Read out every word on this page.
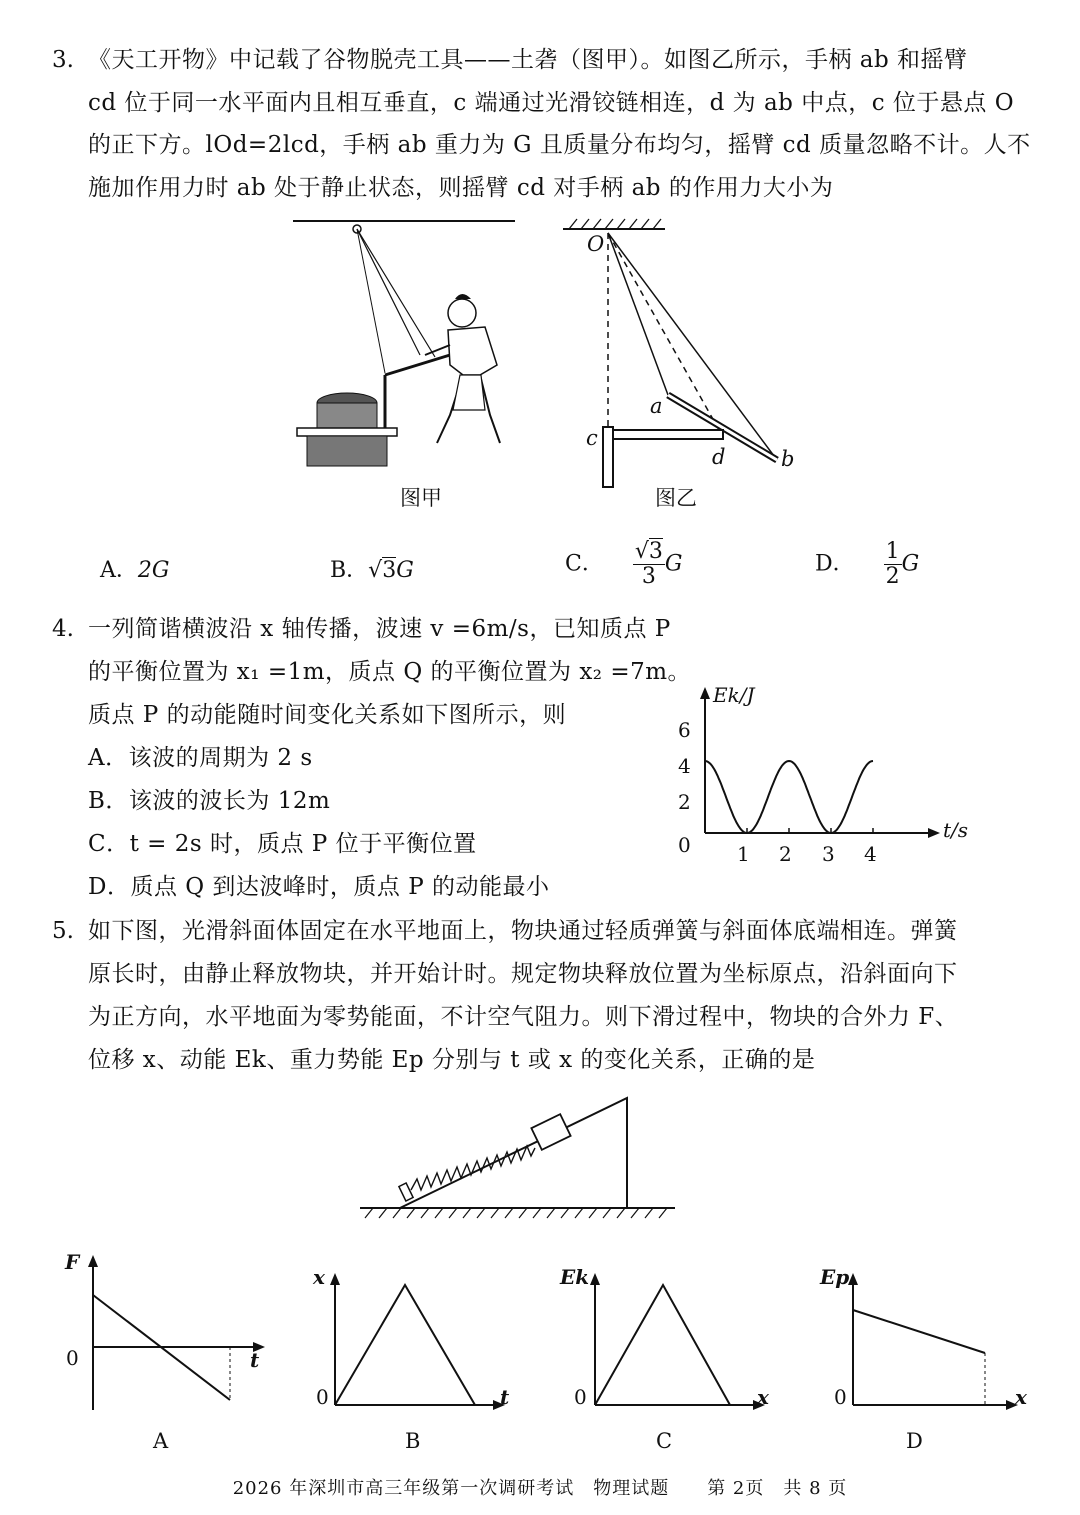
3. 《天工开物》中记载了谷物脱壳工具——土砻（图甲）。如图乙所示，手柄 ab 和摇臂
cd 位于同一水平面内且相互垂直，c 端通过光滑铰链相连，d 为 ab 中点，c 位于悬点 O
的正下方。lOd=2lcd，手柄 ab 重力为 G 且质量分布均匀，摇臂 cd 质量忽略不计。人不
施加作用力时 ab 处于静止状态，则摇臂 cd 对手柄 ab 的作用力大小为
图甲
O
a
c
d	b
图乙
A．2G	B．√3G	C． $\frac{√3}{3}$ G	D． $\frac{1}{2}$ G
4. 一列简谐横波沿 x 轴传播，波速 v =6m/s，已知质点 P
的平衡位置为 x₁ =1m，质点 Q 的平衡位置为 x₂ =7m。
质点 P 的动能随时间变化关系如下图所示，则
A．该波的周期为 2 s
B．该波的波长为 12m
C．t = 2s 时，质点 P 位于平衡位置
D．质点 Q 到达波峰时，质点 P 的动能最小
Ek/J
t/s
6
4
2
0 1 2 3 4
5. 如下图，光滑斜面体固定在水平地面上，物块通过轻质弹簧与斜面体底端相连。弹簧
原长时，由静止释放物块，并开始计时。规定物块释放位置为坐标原点，沿斜面向下
为正方向，水平地面为零势能面，不计空气阻力。则下滑过程中，物块的合外力 F、
位移 x、动能 Ek、重力势能 Ep 分别与 t 或 x 的变化关系，正确的是
F
t
0
A
x
t
0
B
Ek
x
0
C
Ep
x
0
D
2026 年深圳市高三年级第一次调研考试　物理试题　　第 2页　共 8 页
